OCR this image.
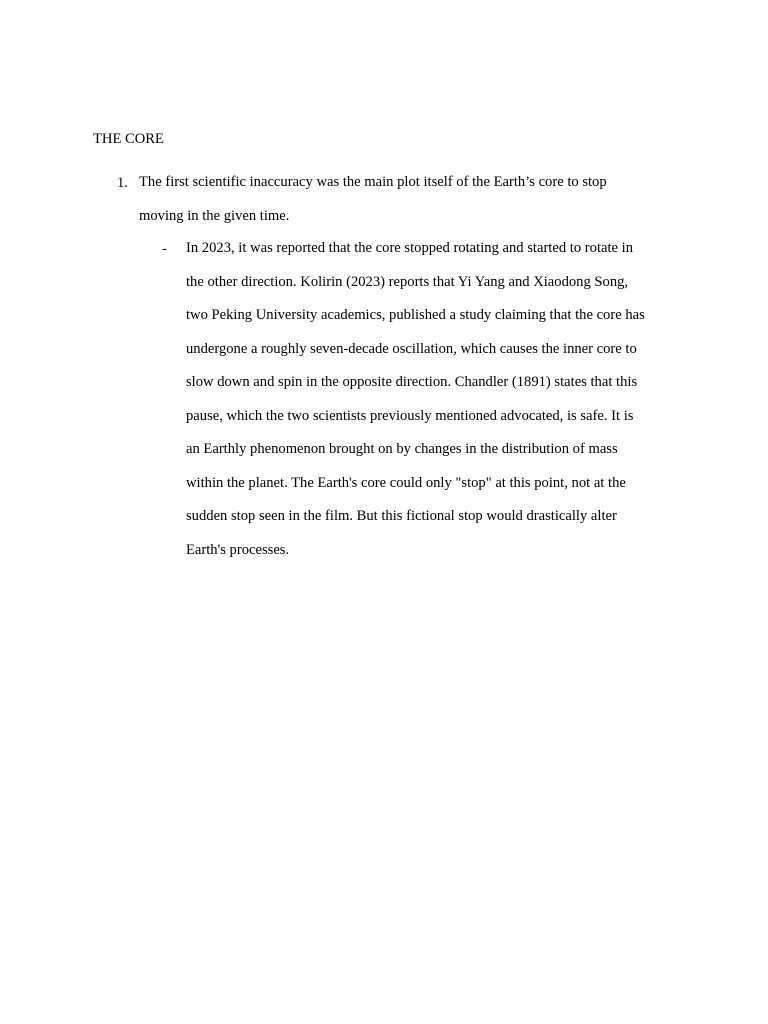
THE CORE
1. The first scientific inaccuracy was the main plot itself of the Earth’s core to stop
moving in the given time.
- In 2023, it was reported that the core stopped rotating and started to rotate in
the other direction. Kolirin (2023) reports that Yi Yang and Xiaodong Song,
two Peking University academics, published a study claiming that the core has
undergone a roughly seven-decade oscillation, which causes the inner core to
slow down and spin in the opposite direction. Chandler (1891) states that this
pause, which the two scientists previously mentioned advocated, is safe. It is
an Earthly phenomenon brought on by changes in the distribution of mass
within the planet. The Earth's core could only "stop" at this point, not at the
sudden stop seen in the film. But this fictional stop would drastically alter
Earth's processes.
